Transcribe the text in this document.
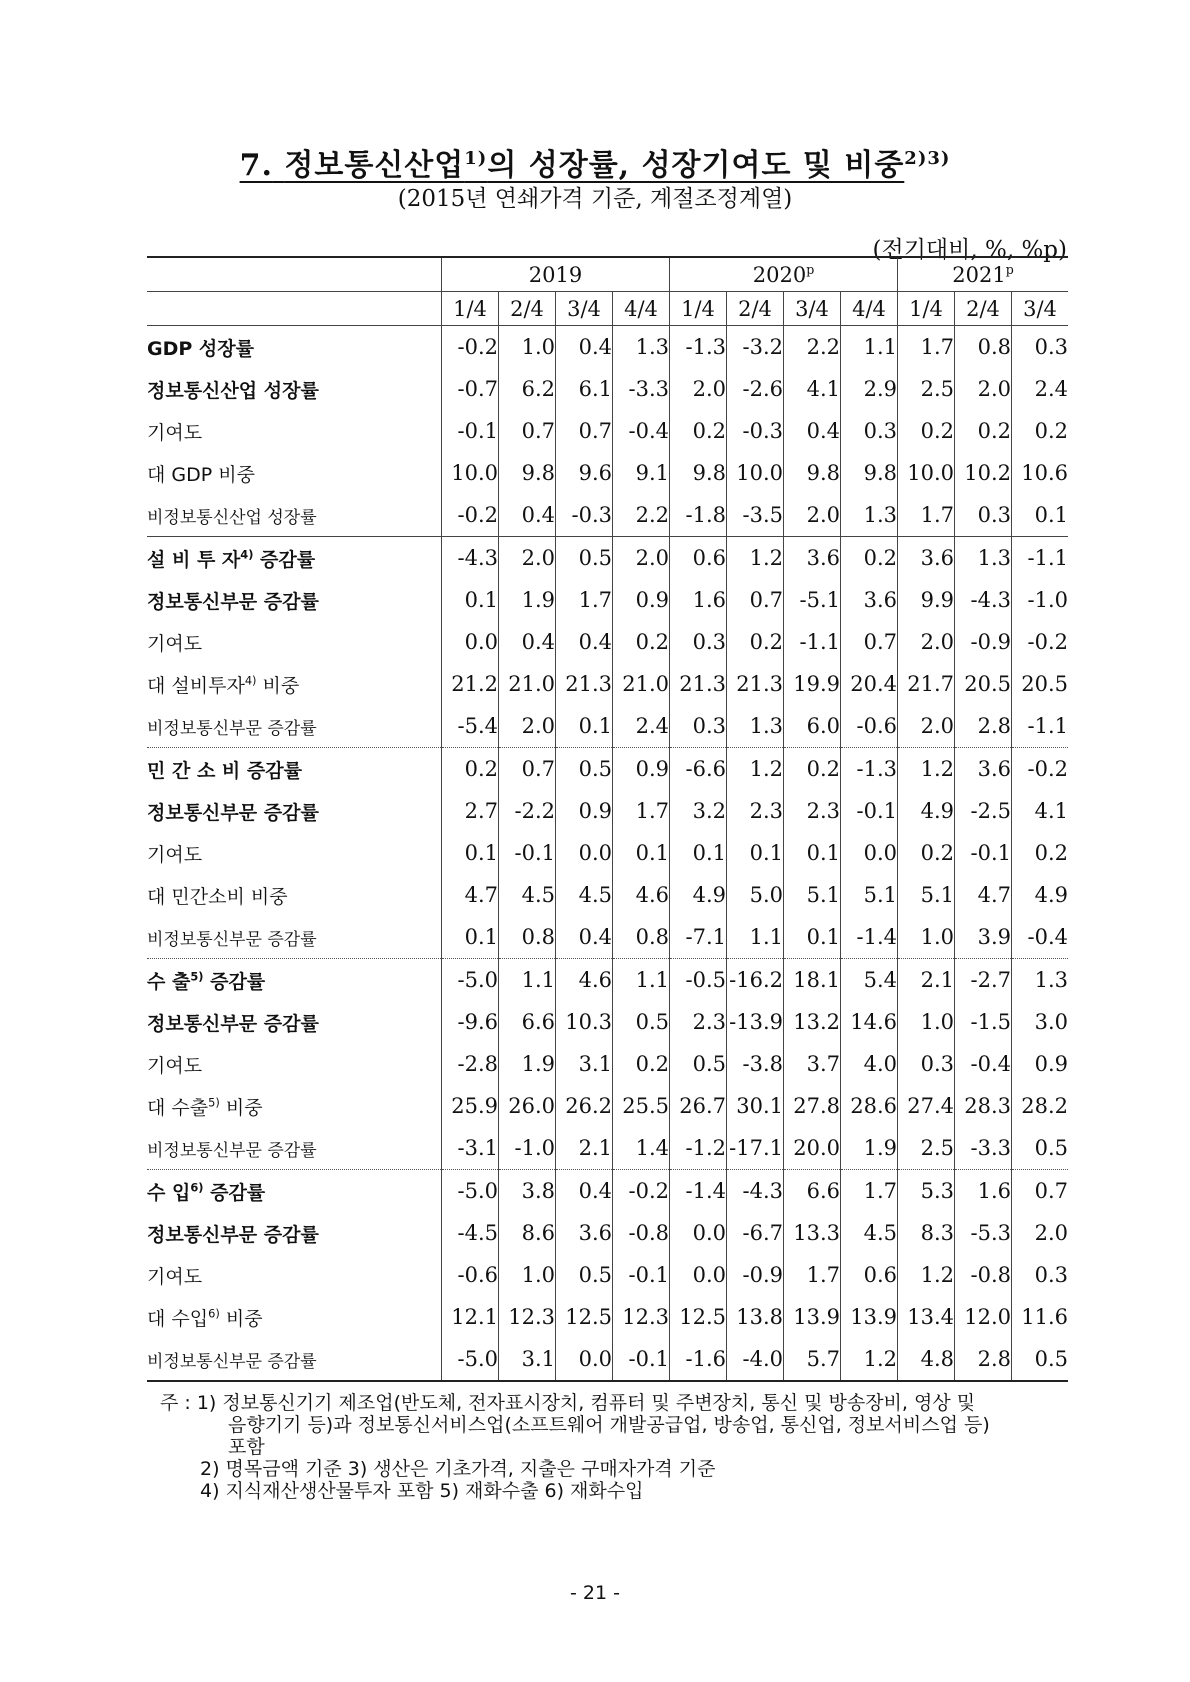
7. 정보통신산업$^{1)}$의 성장률, 성장기여도 및 비중$^{2)3)}$
(2015년 연쇄가격 기준, 계절조정계열)
(전기대비, %, %p)
	2019				2020$^p$				2021$^p$
	1/4	2/4	3/4	4/4	1/4	2/4	3/4	4/4	1/4	2/4	3/4
GDP 성장률	-0.2	1.0	0.4	1.3	-1.3	-3.2	2.2	1.1	1.7	0.8	0.3
정보통신산업 성장률	-0.7	6.2	6.1	-3.3	2.0	-2.6	4.1	2.9	2.5	2.0	2.4
기여도	-0.1	0.7	0.7	-0.4	0.2	-0.3	0.4	0.3	0.2	0.2	0.2
대 GDP 비중	10.0	9.8	9.6	9.1	9.8	10.0	9.8	9.8	10.0	10.2	10.6
비정보통신산업 성장률	-0.2	0.4	-0.3	2.2	-1.8	-3.5	2.0	1.3	1.7	0.3	0.1
설 비 투 자$^{4)}$ 증감률	-4.3	2.0	0.5	2.0	0.6	1.2	3.6	0.2	3.6	1.3	-1.1
정보통신부문 증감률	0.1	1.9	1.7	0.9	1.6	0.7	-5.1	3.6	9.9	-4.3	-1.0
기여도	0.0	0.4	0.4	0.2	0.3	0.2	-1.1	0.7	2.0	-0.9	-0.2
대 설비투자$^{4)}$ 비중	21.2	21.0	21.3	21.0	21.3	21.3	19.9	20.4	21.7	20.5	20.5
비정보통신부문 증감률	-5.4	2.0	0.1	2.4	0.3	1.3	6.0	-0.6	2.0	2.8	-1.1
민 간 소 비 증감률	0.2	0.7	0.5	0.9	-6.6	1.2	0.2	-1.3	1.2	3.6	-0.2
정보통신부문 증감률	2.7	-2.2	0.9	1.7	3.2	2.3	2.3	-0.1	4.9	-2.5	4.1
기여도	0.1	-0.1	0.0	0.1	0.1	0.1	0.1	0.0	0.2	-0.1	0.2
대 민간소비 비중	4.7	4.5	4.5	4.6	4.9	5.0	5.1	5.1	5.1	4.7	4.9
비정보통신부문 증감률	0.1	0.8	0.4	0.8	-7.1	1.1	0.1	-1.4	1.0	3.9	-0.4
수 출$^{5)}$ 증감률	-5.0	1.1	4.6	1.1	-0.5	-16.2	18.1	5.4	2.1	-2.7	1.3
정보통신부문 증감률	-9.6	6.6	10.3	0.5	2.3	-13.9	13.2	14.6	1.0	-1.5	3.0
기여도	-2.8	1.9	3.1	0.2	0.5	-3.8	3.7	4.0	0.3	-0.4	0.9
대 수출$^{5)}$ 비중	25.9	26.0	26.2	25.5	26.7	30.1	27.8	28.6	27.4	28.3	28.2
비정보통신부문 증감률	-3.1	-1.0	2.1	1.4	-1.2	-17.1	20.0	1.9	2.5	-3.3	0.5
수 입$^{6)}$ 증감률	-5.0	3.8	0.4	-0.2	-1.4	-4.3	6.6	1.7	5.3	1.6	0.7
정보통신부문 증감률	-4.5	8.6	3.6	-0.8	0.0	-6.7	13.3	4.5	8.3	-5.3	2.0
기여도	-0.6	1.0	0.5	-0.1	0.0	-0.9	1.7	0.6	1.2	-0.8	0.3
대 수입$^{6)}$ 비중	12.1	12.3	12.5	12.3	12.5	13.8	13.9	13.9	13.4	12.0	11.6
비정보통신부문 증감률	-5.0	3.1	0.0	-0.1	-1.6	-4.0	5.7	1.2	4.8	2.8	0.5
주 : 1) 정보통신기기 제조업(반도체, 전자표시장치, 컴퓨터 및 주변장치, 통신 및 방송장비, 영상 및
음향기기 등)과 정보통신서비스업(소프트웨어 개발공급업, 방송업, 통신업, 정보서비스업 등)
포함
2) 명목금액 기준 3) 생산은 기초가격, 지출은 구매자가격 기준
4) 지식재산생산물투자 포함 5) 재화수출 6) 재화수입
- 21 -
